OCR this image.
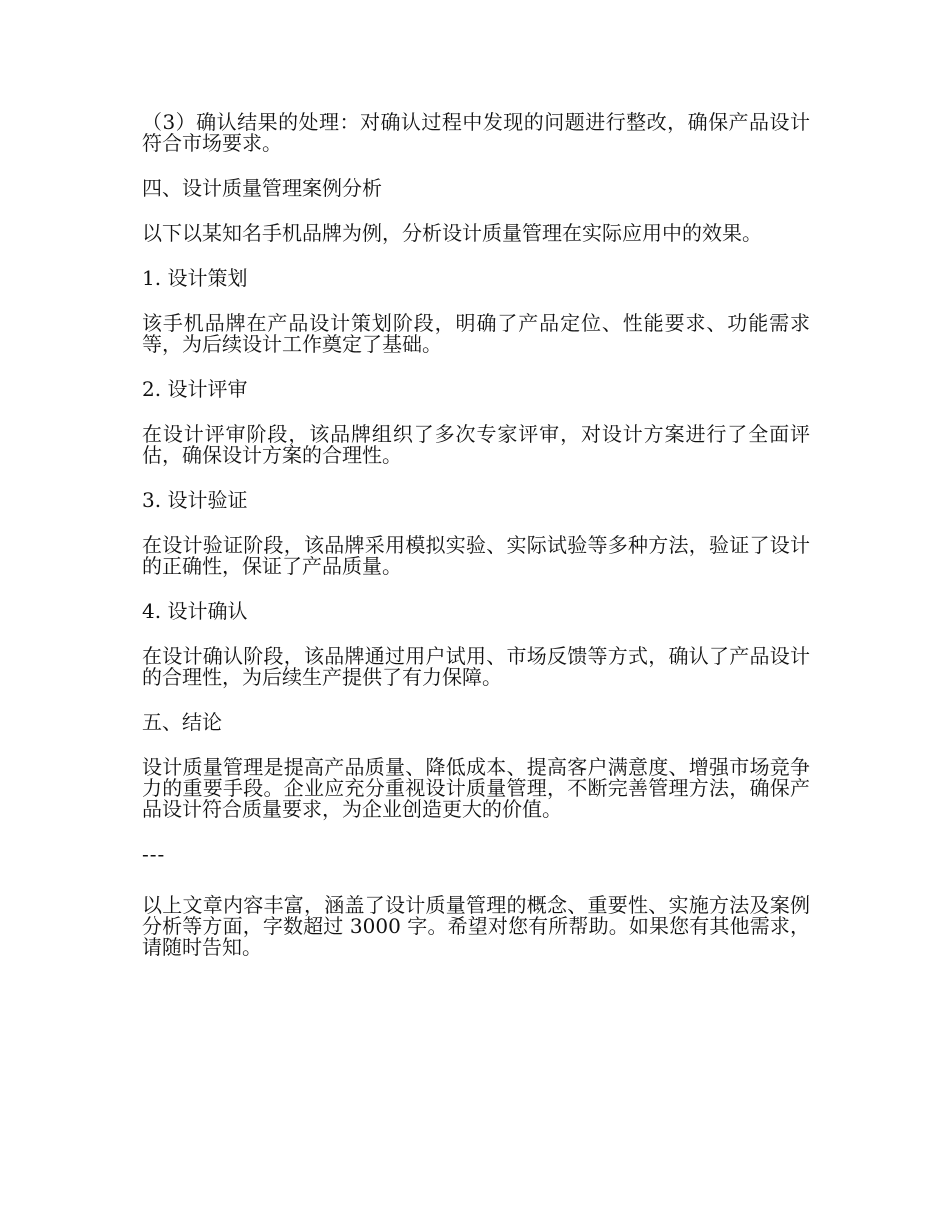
（3）确认结果的处理：对确认过程中发现的问题进行整改，确保产品设计符合市场要求。

四、设计质量管理案例分析

以下以某知名手机品牌为例，分析设计质量管理在实际应用中的效果。

1. 设计策划

该手机品牌在产品设计策划阶段，明确了产品定位、性能要求、功能需求等，为后续设计工作奠定了基础。

2. 设计评审

在设计评审阶段，该品牌组织了多次专家评审，对设计方案进行了全面评估，确保设计方案的合理性。

3. 设计验证

在设计验证阶段，该品牌采用模拟实验、实际试验等多种方法，验证了设计的正确性，保证了产品质量。

4. 设计确认

在设计确认阶段，该品牌通过用户试用、市场反馈等方式，确认了产品设计的合理性，为后续生产提供了有力保障。

五、结论

设计质量管理是提高产品质量、降低成本、提高客户满意度、增强市场竞争力的重要手段。企业应充分重视设计质量管理，不断完善管理方法，确保产品设计符合质量要求，为企业创造更大的价值。

---

以上文章内容丰富，涵盖了设计质量管理的概念、重要性、实施方法及案例分析等方面，字数超过 3000 字。希望对您有所帮助。如果您有其他需求，请随时告知。
